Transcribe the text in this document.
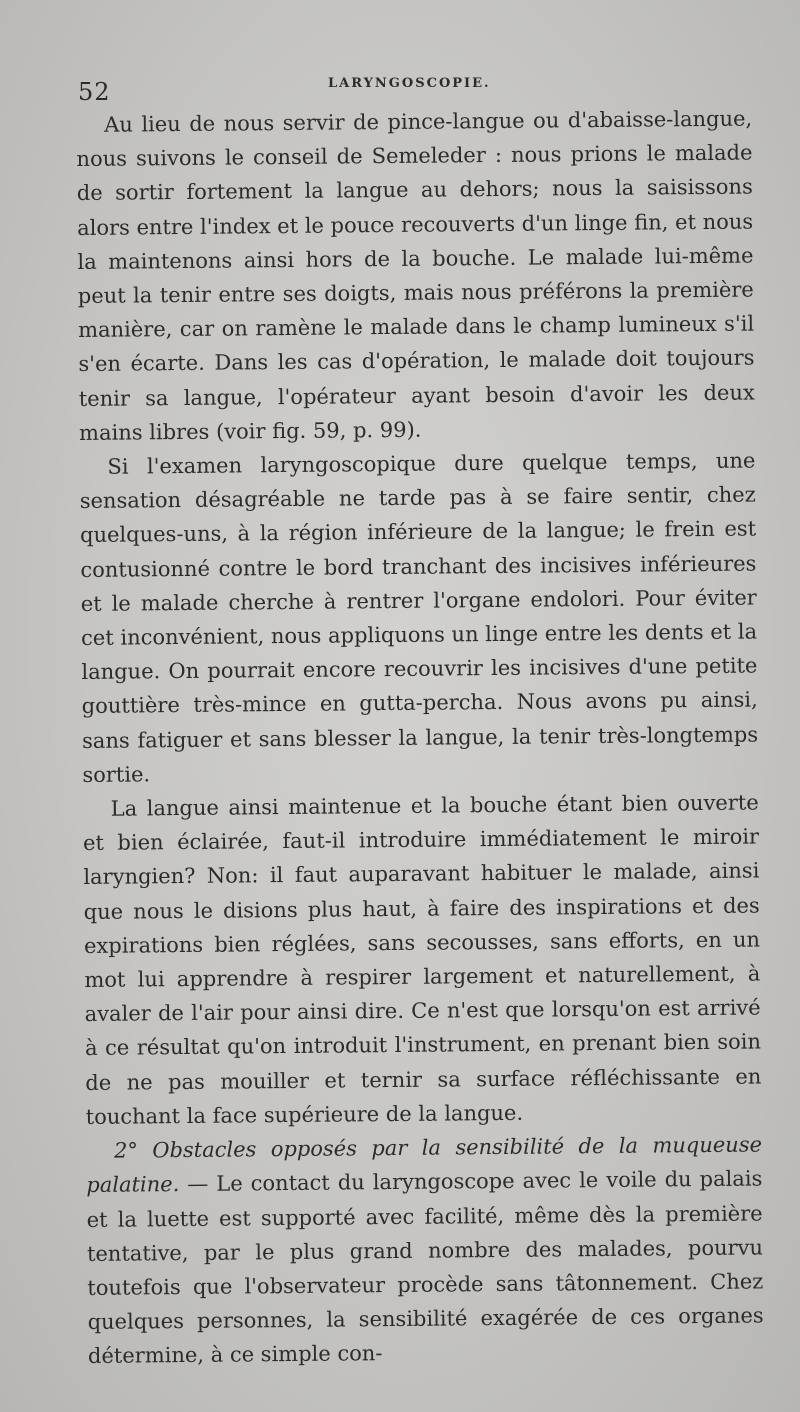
52	LARYNGOSCOPIE.

Au lieu de nous servir de pince-langue ou d'abaisse-langue, nous suivons le conseil de Semeleder : nous prions le malade de sortir fortement la langue au dehors; nous la saisissons alors entre l'index et le pouce recouverts d'un linge fin, et nous la maintenons ainsi hors de la bouche. Le malade lui-même peut la tenir entre ses doigts, mais nous préférons la première manière, car on ramène le malade dans le champ lumineux s'il s'en écarte. Dans les cas d'opération, le malade doit toujours tenir sa langue, l'opérateur ayant besoin d'avoir les deux mains libres (voir fig. 59, p. 99).

Si l'examen laryngoscopique dure quelque temps, une sensation désagréable ne tarde pas à se faire sentir, chez quelques-uns, à la région inférieure de la langue; le frein est contusionné contre le bord tranchant des incisives inférieures et le malade cherche à rentrer l'organe endolori. Pour éviter cet inconvénient, nous appliquons un linge entre les dents et la langue. On pourrait encore recouvrir les incisives d'une petite gouttière très-mince en gutta-percha. Nous avons pu ainsi, sans fatiguer et sans blesser la langue, la tenir très-longtemps sortie.

La langue ainsi maintenue et la bouche étant bien ouverte et bien éclairée, faut-il introduire immédiatement le miroir laryngien? Non: il faut auparavant habituer le malade, ainsi que nous le disions plus haut, à faire des inspirations et des expirations bien réglées, sans secousses, sans efforts, en un mot lui apprendre à respirer largement et naturellement, à avaler de l'air pour ainsi dire. Ce n'est que lorsqu'on est arrivé à ce résultat qu'on introduit l'instrument, en prenant bien soin de ne pas mouiller et ternir sa surface réfléchissante en touchant la face supérieure de la langue.

2° Obstacles opposés par la sensibilité de la muqueuse palatine. — Le contact du laryngoscope avec le voile du palais et la luette est supporté avec facilité, même dès la première tentative, par le plus grand nombre des malades, pourvu toutefois que l'observateur procède sans tâtonnement. Chez quelques personnes, la sensibilité exagérée de ces organes détermine, à ce simple con-
